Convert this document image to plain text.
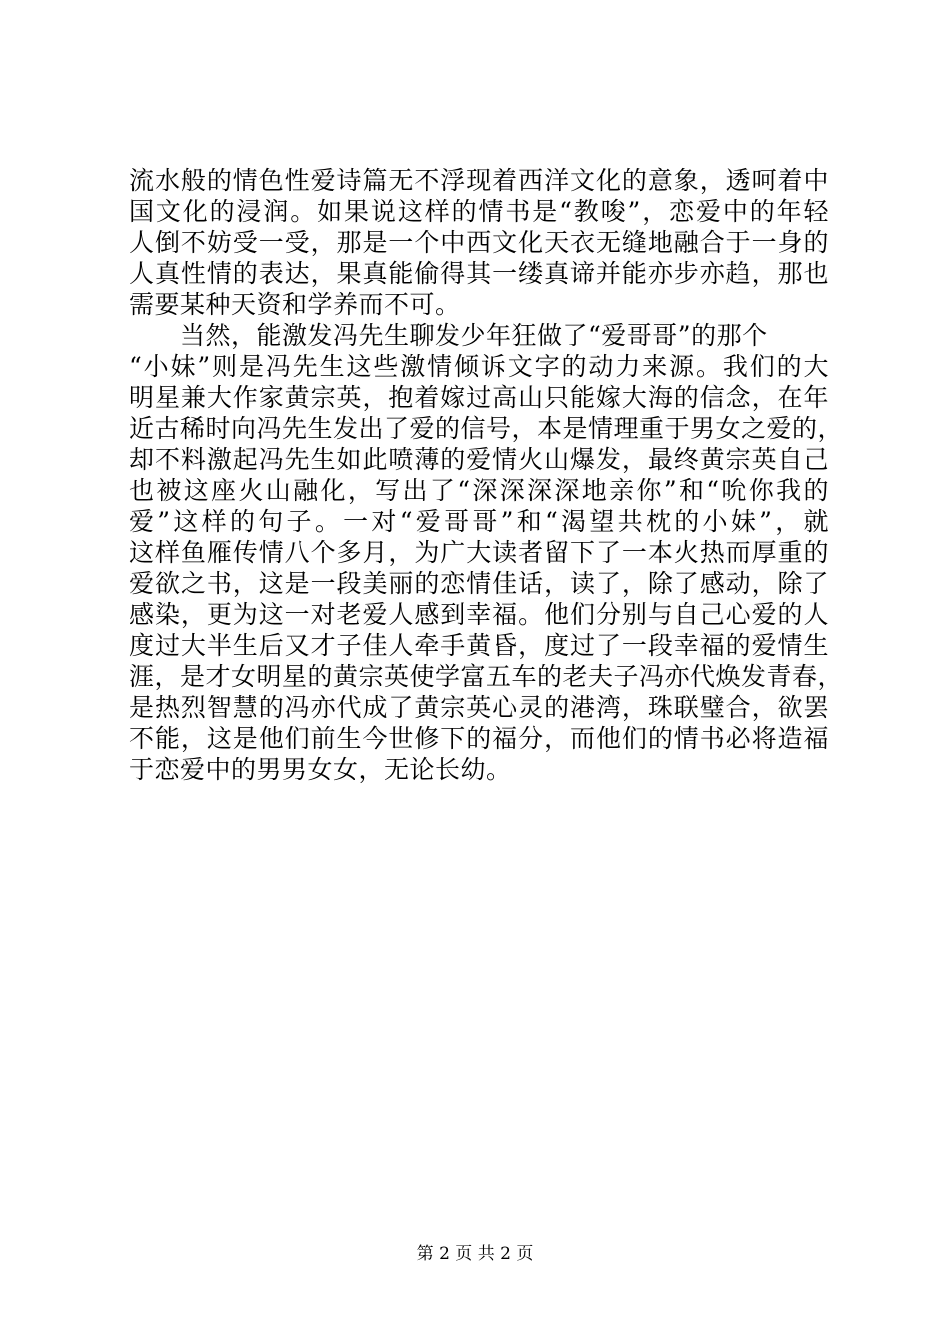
流水般的情色性爱诗篇无不浮现着西洋文化的意象，透呵着中
国文化的浸润。如果说这样的情书是“教唆”，恋爱中的年轻
人倒不妨受一受，那是一个中西文化天衣无缝地融合于一身的
人真性情的表达，果真能偷得其一缕真谛并能亦步亦趋，那也
需要某种天资和学养而不可。
　　当然，能激发冯先生聊发少年狂做了“爱哥哥”的那个
“小妹”则是冯先生这些激情倾诉文字的动力来源。我们的大
明星兼大作家黄宗英，抱着嫁过高山只能嫁大海的信念，在年
近古稀时向冯先生发出了爱的信号，本是情理重于男女之爱的，
却不料激起冯先生如此喷薄的爱情火山爆发，最终黄宗英自己
也被这座火山融化，写出了“深深深深地亲你”和“吮你我的
爱”这样的句子。一对“爱哥哥”和“渴望共枕的小妹”，就
这样鱼雁传情八个多月，为广大读者留下了一本火热而厚重的
爱欲之书，这是一段美丽的恋情佳话，读了，除了感动，除了
感染，更为这一对老爱人感到幸福。他们分别与自己心爱的人
度过大半生后又才子佳人牵手黄昏，度过了一段幸福的爱情生
涯，是才女明星的黄宗英使学富五车的老夫子冯亦代焕发青春，
是热烈智慧的冯亦代成了黄宗英心灵的港湾，珠联璧合，欲罢
不能，这是他们前生今世修下的福分，而他们的情书必将造福
于恋爱中的男男女女，无论长幼。
第 2 页 共 2 页
